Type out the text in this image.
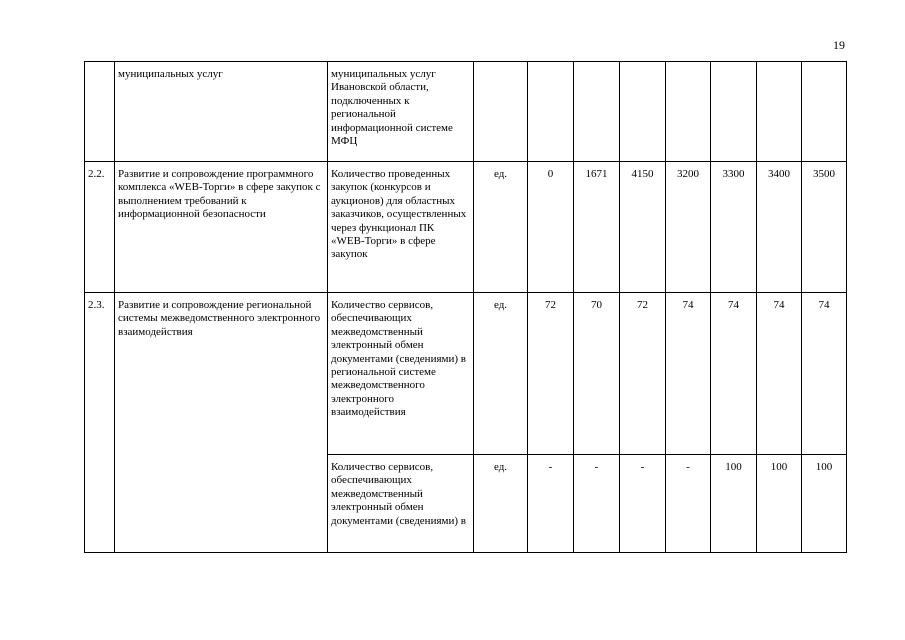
19
	муниципальных услуг	муниципальных услуг Ивановской области, подключенных к региональной информационной системе МФЦ								
2.2.	Развитие и сопровождение программного комплекса «WEB-Торги» в сфере закупок с выполнением требований к информационной безопасности	Количество проведенных закупок (конкурсов и аукционов) для областных заказчиков, осуществленных через функционал ПК «WEB-Торги» в сфере закупок	ед.	0	1671	4150	3200	3300	3400	3500
2.3.	Развитие и сопровождение региональной системы межведомственного электронного взаимодействия	Количество сервисов, обеспечивающих межведомственный электронный обмен документами (сведениями) в региональной системе межведомственного электронного взаимодействия	ед.	72	70	72	74	74	74	74
		Количество сервисов, обеспечивающих межведомственный электронный обмен документами (сведениями) в	ед.	-	-	-	-	100	100	100
